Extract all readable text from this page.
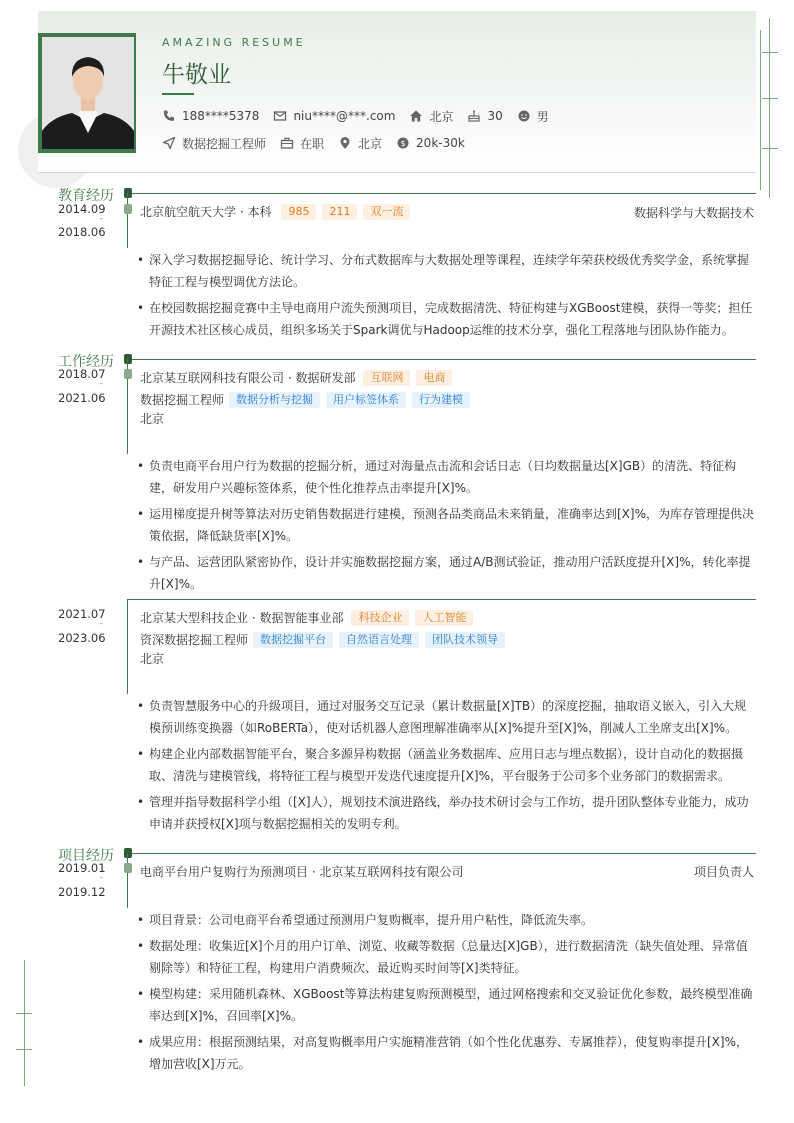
AMAZING RESUME
牛敬业
188****5378	niu****@***.com	北京	30	男
数据挖掘工程师	在职	北京 $ 20k-30k
教育经历
2014.09
-
2018.06
北京航空航天大学 · 本科	985	211	双一流	数据科学与大数据技术
• 深入学习数据挖掘导论、统计学习、分布式数据库与大数据处理等课程，连续学年荣获校级优秀奖学金，系统掌握特征工程与模型调优方法论。
• 在校园数据挖掘竞赛中主导电商用户流失预测项目，完成数据清洗、特征构建与XGBoost建模，获得一等奖；担任开源技术社区核心成员，组织多场关于Spark调优与Hadoop运维的技术分享，强化工程落地与团队协作能力。
工作经历
2018.07
-
2021.06
北京某互联网科技有限公司 · 数据研发部	互联网	电商
数据挖掘工程师	数据分析与挖掘	用户标签体系	行为建模
北京
• 负责电商平台用户行为数据的挖掘分析，通过对海量点击流和会话日志（日均数据量达[X]GB）的清洗、特征构建，研发用户兴趣标签体系，使个性化推荐点击率提升[X]%。
• 运用梯度提升树等算法对历史销售数据进行建模，预测各品类商品未来销量，准确率达到[X]%，为库存管理提供决策依据，降低缺货率[X]%。
• 与产品、运营团队紧密协作，设计并实施数据挖掘方案，通过A/B测试验证，推动用户活跃度提升[X]%，转化率提升[X]%。
2021.07
-
2023.06
北京某大型科技企业 · 数据智能事业部	科技企业	人工智能
资深数据挖掘工程师	数据挖掘平台	自然语言处理	团队技术领导
北京
• 负责智慧服务中心的升级项目，通过对服务交互记录（累计数据量[X]TB）的深度挖掘，抽取语义嵌入，引入大规模预训练变换器（如RoBERTa），使对话机器人意图理解准确率从[X]%提升至[X]%，削减人工坐席支出[X]%。
• 构建企业内部数据智能平台，聚合多源异构数据（涵盖业务数据库、应用日志与埋点数据），设计自动化的数据摄取、清洗与建模管线，将特征工程与模型开发迭代速度提升[X]%，平台服务于公司多个业务部门的数据需求。
• 管理并指导数据科学小组（[X]人），规划技术演进路线，举办技术研讨会与工作坊，提升团队整体专业能力，成功申请并获授权[X]项与数据挖掘相关的发明专利。
项目经历
2019.01
-
2019.12
电商平台用户复购行为预测项目 · 北京某互联网科技有限公司	项目负责人
• 项目背景：公司电商平台希望通过预测用户复购概率，提升用户粘性，降低流失率。
• 数据处理：收集近[X]个月的用户订单、浏览、收藏等数据（总量达[X]GB），进行数据清洗（缺失值处理、异常值剔除等）和特征工程，构建用户消费频次、最近购买时间等[X]类特征。
• 模型构建：采用随机森林、XGBoost等算法构建复购预测模型，通过网格搜索和交叉验证优化参数，最终模型准确率达到[X]%，召回率[X]%。
• 成果应用：根据预测结果，对高复购概率用户实施精准营销（如个性化优惠券、专属推荐），使复购率提升[X]%，增加营收[X]万元。
